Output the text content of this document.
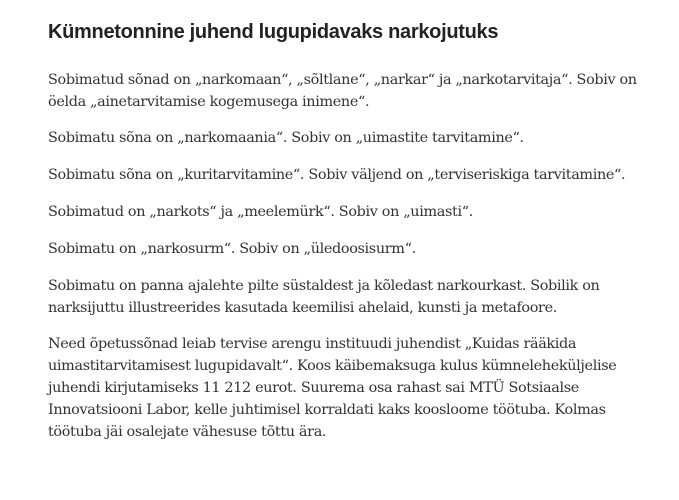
Kümnetonnine juhend lugupidavaks narkojutuks

Sobimatud sõnad on „narkomaan“, „sõltlane“, „narkar“ ja „narkotarvitaja“. Sobiv on öelda „ainetarvitamise kogemusega inimene“.

Sobimatu sõna on „narkomaania“. Sobiv on „uimastite tarvitamine“.

Sobimatu sõna on „kuritarvitamine“. Sobiv väljend on „terviseriskiga tarvitamine“.

Sobimatud on „narkots“ ja „meelemürk“. Sobiv on „uimasti“.

Sobimatu on „narkosurm“. Sobiv on „üledoosisurm“.

Sobimatu on panna ajalehte pilte süstaldest ja kõledast narkourkast. Sobilik on narksijuttu illustreerides kasutada keemilisi ahelaid, kunsti ja metafoore.

Need õpetussõnad leiab tervise arengu instituudi juhendist „Kuidas rääkida uimastitarvitamisest lugupidavalt“. Koos käibemaksuga kulus kümneleheküljelise juhendi kirjutamiseks 11 212 eurot. Suurema osa rahast sai MTÜ Sotsiaalse Innovatsiooni Labor, kelle juhtimisel korraldati kaks koosloome töötuba. Kolmas töötuba jäi osalejate vähesuse tõttu ära.
